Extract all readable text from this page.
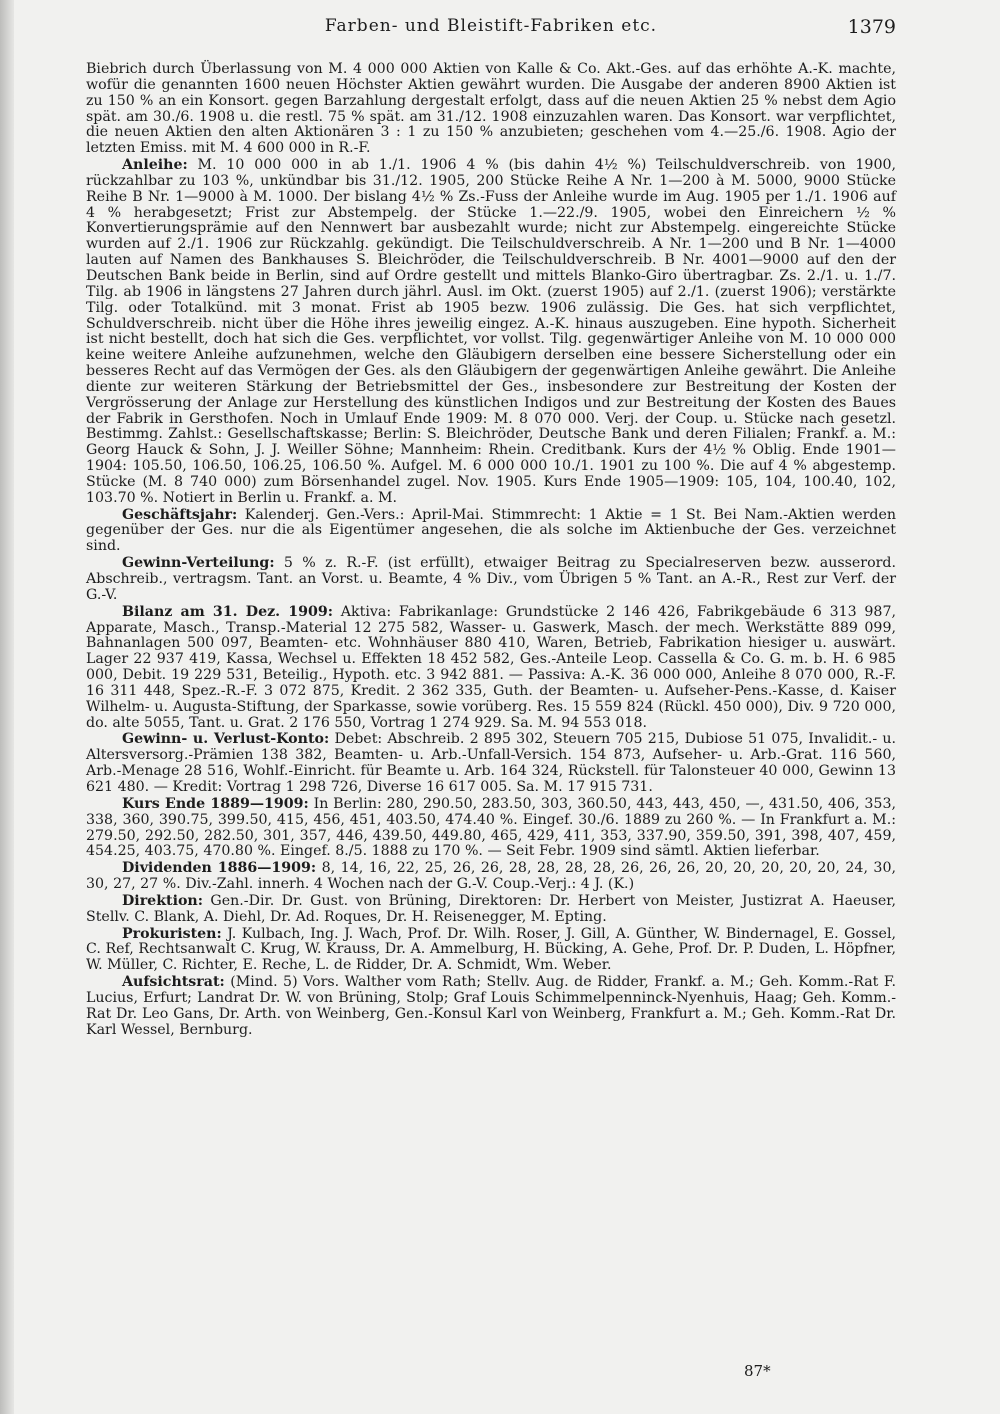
Farben- und Bleistift-Fabriken etc.	1379

Biebrich durch Überlassung von M. 4 000 000 Aktien von Kalle & Co. Akt.-Ges. auf das erhöhte A.-K. machte, wofür die genannten 1600 neuen Höchster Aktien gewährt wurden. Die Ausgabe der anderen 8900 Aktien ist zu 150 % an ein Konsort. gegen Barzahlung dergestalt erfolgt, dass auf die neuen Aktien 25 % nebst dem Agio spät. am 30./6. 1908 u. die restl. 75 % spät. am 31./12. 1908 einzuzahlen waren. Das Konsort. war verpflichtet, die neuen Aktien den alten Aktionären 3 : 1 zu 150 % anzubieten; geschehen vom 4.—25./6. 1908. Agio der letzten Emiss. mit M. 4 600 000 in R.-F.

Anleihe: M. 10 000 000 in ab 1./1. 1906 4 % (bis dahin 4½ %) Teilschuldverschreib. von 1900, rückzahlbar zu 103 %, unkündbar bis 31./12. 1905, 200 Stücke Reihe A Nr. 1—200 à M. 5000, 9000 Stücke Reihe B Nr. 1—9000 à M. 1000. Der bislang 4½ % Zs.-Fuss der Anleihe wurde im Aug. 1905 per 1./1. 1906 auf 4 % herabgesetzt; Frist zur Abstempelg. der Stücke 1.—22./9. 1905, wobei den Einreichern ½ % Konvertierungsprämie auf den Nennwert bar ausbezahlt wurde; nicht zur Abstempelg. eingereichte Stücke wurden auf 2./1. 1906 zur Rückzahlg. gekündigt. Die Teilschuldverschreib. A Nr. 1—200 und B Nr. 1—4000 lauten auf Namen des Bankhauses S. Bleichröder, die Teilschuldverschreib. B Nr. 4001—9000 auf den der Deutschen Bank beide in Berlin, sind auf Ordre gestellt und mittels Blanko-Giro übertragbar. Zs. 2./1. u. 1./7. Tilg. ab 1906 in längstens 27 Jahren durch jährl. Ausl. im Okt. (zuerst 1905) auf 2./1. (zuerst 1906); verstärkte Tilg. oder Totalkünd. mit 3 monat. Frist ab 1905 bezw. 1906 zulässig. Die Ges. hat sich verpflichtet, Schuldverschreib. nicht über die Höhe ihres jeweilig eingez. A.-K. hinaus auszugeben. Eine hypoth. Sicherheit ist nicht bestellt, doch hat sich die Ges. verpflichtet, vor vollst. Tilg. gegenwärtiger Anleihe von M. 10 000 000 keine weitere Anleihe aufzunehmen, welche den Gläubigern derselben eine bessere Sicherstellung oder ein besseres Recht auf das Vermögen der Ges. als den Gläubigern der gegenwärtigen Anleihe gewährt. Die Anleihe diente zur weiteren Stärkung der Betriebsmittel der Ges., insbesondere zur Bestreitung der Kosten der Vergrösserung der Anlage zur Herstellung des künstlichen Indigos und zur Bestreitung der Kosten des Baues der Fabrik in Gersthofen. Noch in Umlauf Ende 1909: M. 8 070 000. Verj. der Coup. u. Stücke nach gesetzl. Bestimmg. Zahlst.: Gesellschaftskasse; Berlin: S. Bleichröder, Deutsche Bank und deren Filialen; Frankf. a. M.: Georg Hauck & Sohn, J. J. Weiller Söhne; Mannheim: Rhein. Creditbank. Kurs der 4½ % Oblig. Ende 1901—1904: 105.50, 106.50, 106.25, 106.50 %. Aufgel. M. 6 000 000 10./1. 1901 zu 100 %. Die auf 4 % abgestemp. Stücke (M. 8 740 000) zum Börsenhandel zugel. Nov. 1905. Kurs Ende 1905—1909: 105, 104, 100.40, 102, 103.70 %. Notiert in Berlin u. Frankf. a. M.

Geschäftsjahr: Kalenderj. Gen.-Vers.: April-Mai. Stimmrecht: 1 Aktie = 1 St. Bei Nam.-Aktien werden gegenüber der Ges. nur die als Eigentümer angesehen, die als solche im Aktienbuche der Ges. verzeichnet sind.

Gewinn-Verteilung: 5 % z. R.-F. (ist erfüllt), etwaiger Beitrag zu Specialreserven bezw. ausserord. Abschreib., vertragsm. Tant. an Vorst. u. Beamte, 4 % Div., vom Übrigen 5 % Tant. an A.-R., Rest zur Verf. der G.-V.

Bilanz am 31. Dez. 1909: Aktiva: Fabrikanlage: Grundstücke 2 146 426, Fabrikgebäude 6 313 987, Apparate, Masch., Transp.-Material 12 275 582, Wasser- u. Gaswerk, Masch. der mech. Werkstätte 889 099, Bahnanlagen 500 097, Beamten- etc. Wohnhäuser 880 410, Waren, Betrieb, Fabrikation hiesiger u. auswärt. Lager 22 937 419, Kassa, Wechsel u. Effekten 18 452 582, Ges.-Anteile Leop. Cassella & Co. G. m. b. H. 6 985 000, Debit. 19 229 531, Beteilig., Hypoth. etc. 3 942 881. — Passiva: A.-K. 36 000 000, Anleihe 8 070 000, R.-F. 16 311 448, Spez.-R.-F. 3 072 875, Kredit. 2 362 335, Guth. der Beamten- u. Aufseher-Pens.-Kasse, d. Kaiser Wilhelm- u. Augusta-Stiftung, der Sparkasse, sowie vorüberg. Res. 15 559 824 (Rückl. 450 000), Div. 9 720 000, do. alte 5055, Tant. u. Grat. 2 176 550, Vortrag 1 274 929. Sa. M. 94 553 018.

Gewinn- u. Verlust-Konto: Debet: Abschreib. 2 895 302, Steuern 705 215, Dubiose 51 075, Invalidit.- u. Altersversorg.-Prämien 138 382, Beamten- u. Arb.-Unfall-Versich. 154 873, Aufseher- u. Arb.-Grat. 116 560, Arb.-Menage 28 516, Wohlf.-Einricht. für Beamte u. Arb. 164 324, Rückstell. für Talonsteuer 40 000, Gewinn 13 621 480. — Kredit: Vortrag 1 298 726, Diverse 16 617 005. Sa. M. 17 915 731.

Kurs Ende 1889—1909: In Berlin: 280, 290.50, 283.50, 303, 360.50, 443, 443, 450, —, 431.50, 406, 353, 338, 360, 390.75, 399.50, 415, 456, 451, 403.50, 474.40 %. Eingef. 30./6. 1889 zu 260 %. — In Frankfurt a. M.: 279.50, 292.50, 282.50, 301, 357, 446, 439.50, 449.80, 465, 429, 411, 353, 337.90, 359.50, 391, 398, 407, 459, 454.25, 403.75, 470.80 %. Eingef. 8./5. 1888 zu 170 %. — Seit Febr. 1909 sind sämtl. Aktien lieferbar.

Dividenden 1886—1909: 8, 14, 16, 22, 25, 26, 26, 28, 28, 28, 28, 26, 26, 26, 20, 20, 20, 20, 20, 24, 30, 30, 27, 27 %. Div.-Zahl. innerh. 4 Wochen nach der G.-V. Coup.-Verj.: 4 J. (K.)

Direktion: Gen.-Dir. Dr. Gust. von Brüning, Direktoren: Dr. Herbert von Meister, Justizrat A. Haeuser, Stellv. C. Blank, A. Diehl, Dr. Ad. Roques, Dr. H. Reisenegger, M. Epting.

Prokuristen: J. Kulbach, Ing. J. Wach, Prof. Dr. Wilh. Roser, J. Gill, A. Günther, W. Bindernagel, E. Gossel, C. Ref, Rechtsanwalt C. Krug, W. Krauss, Dr. A. Ammelburg, H. Bücking, A. Gehe, Prof. Dr. P. Duden, L. Höpfner, W. Müller, C. Richter, E. Reche, L. de Ridder, Dr. A. Schmidt, Wm. Weber.

Aufsichtsrat: (Mind. 5) Vors. Walther vom Rath; Stellv. Aug. de Ridder, Frankf. a. M.; Geh. Komm.-Rat F. Lucius, Erfurt; Landrat Dr. W. von Brüning, Stolp; Graf Louis Schimmelpenninck-Nyenhuis, Haag; Geh. Komm.-Rat Dr. Leo Gans, Dr. Arth. von Weinberg, Gen.-Konsul Karl von Weinberg, Frankfurt a. M.; Geh. Komm.-Rat Dr. Karl Wessel, Bernburg.

87*
